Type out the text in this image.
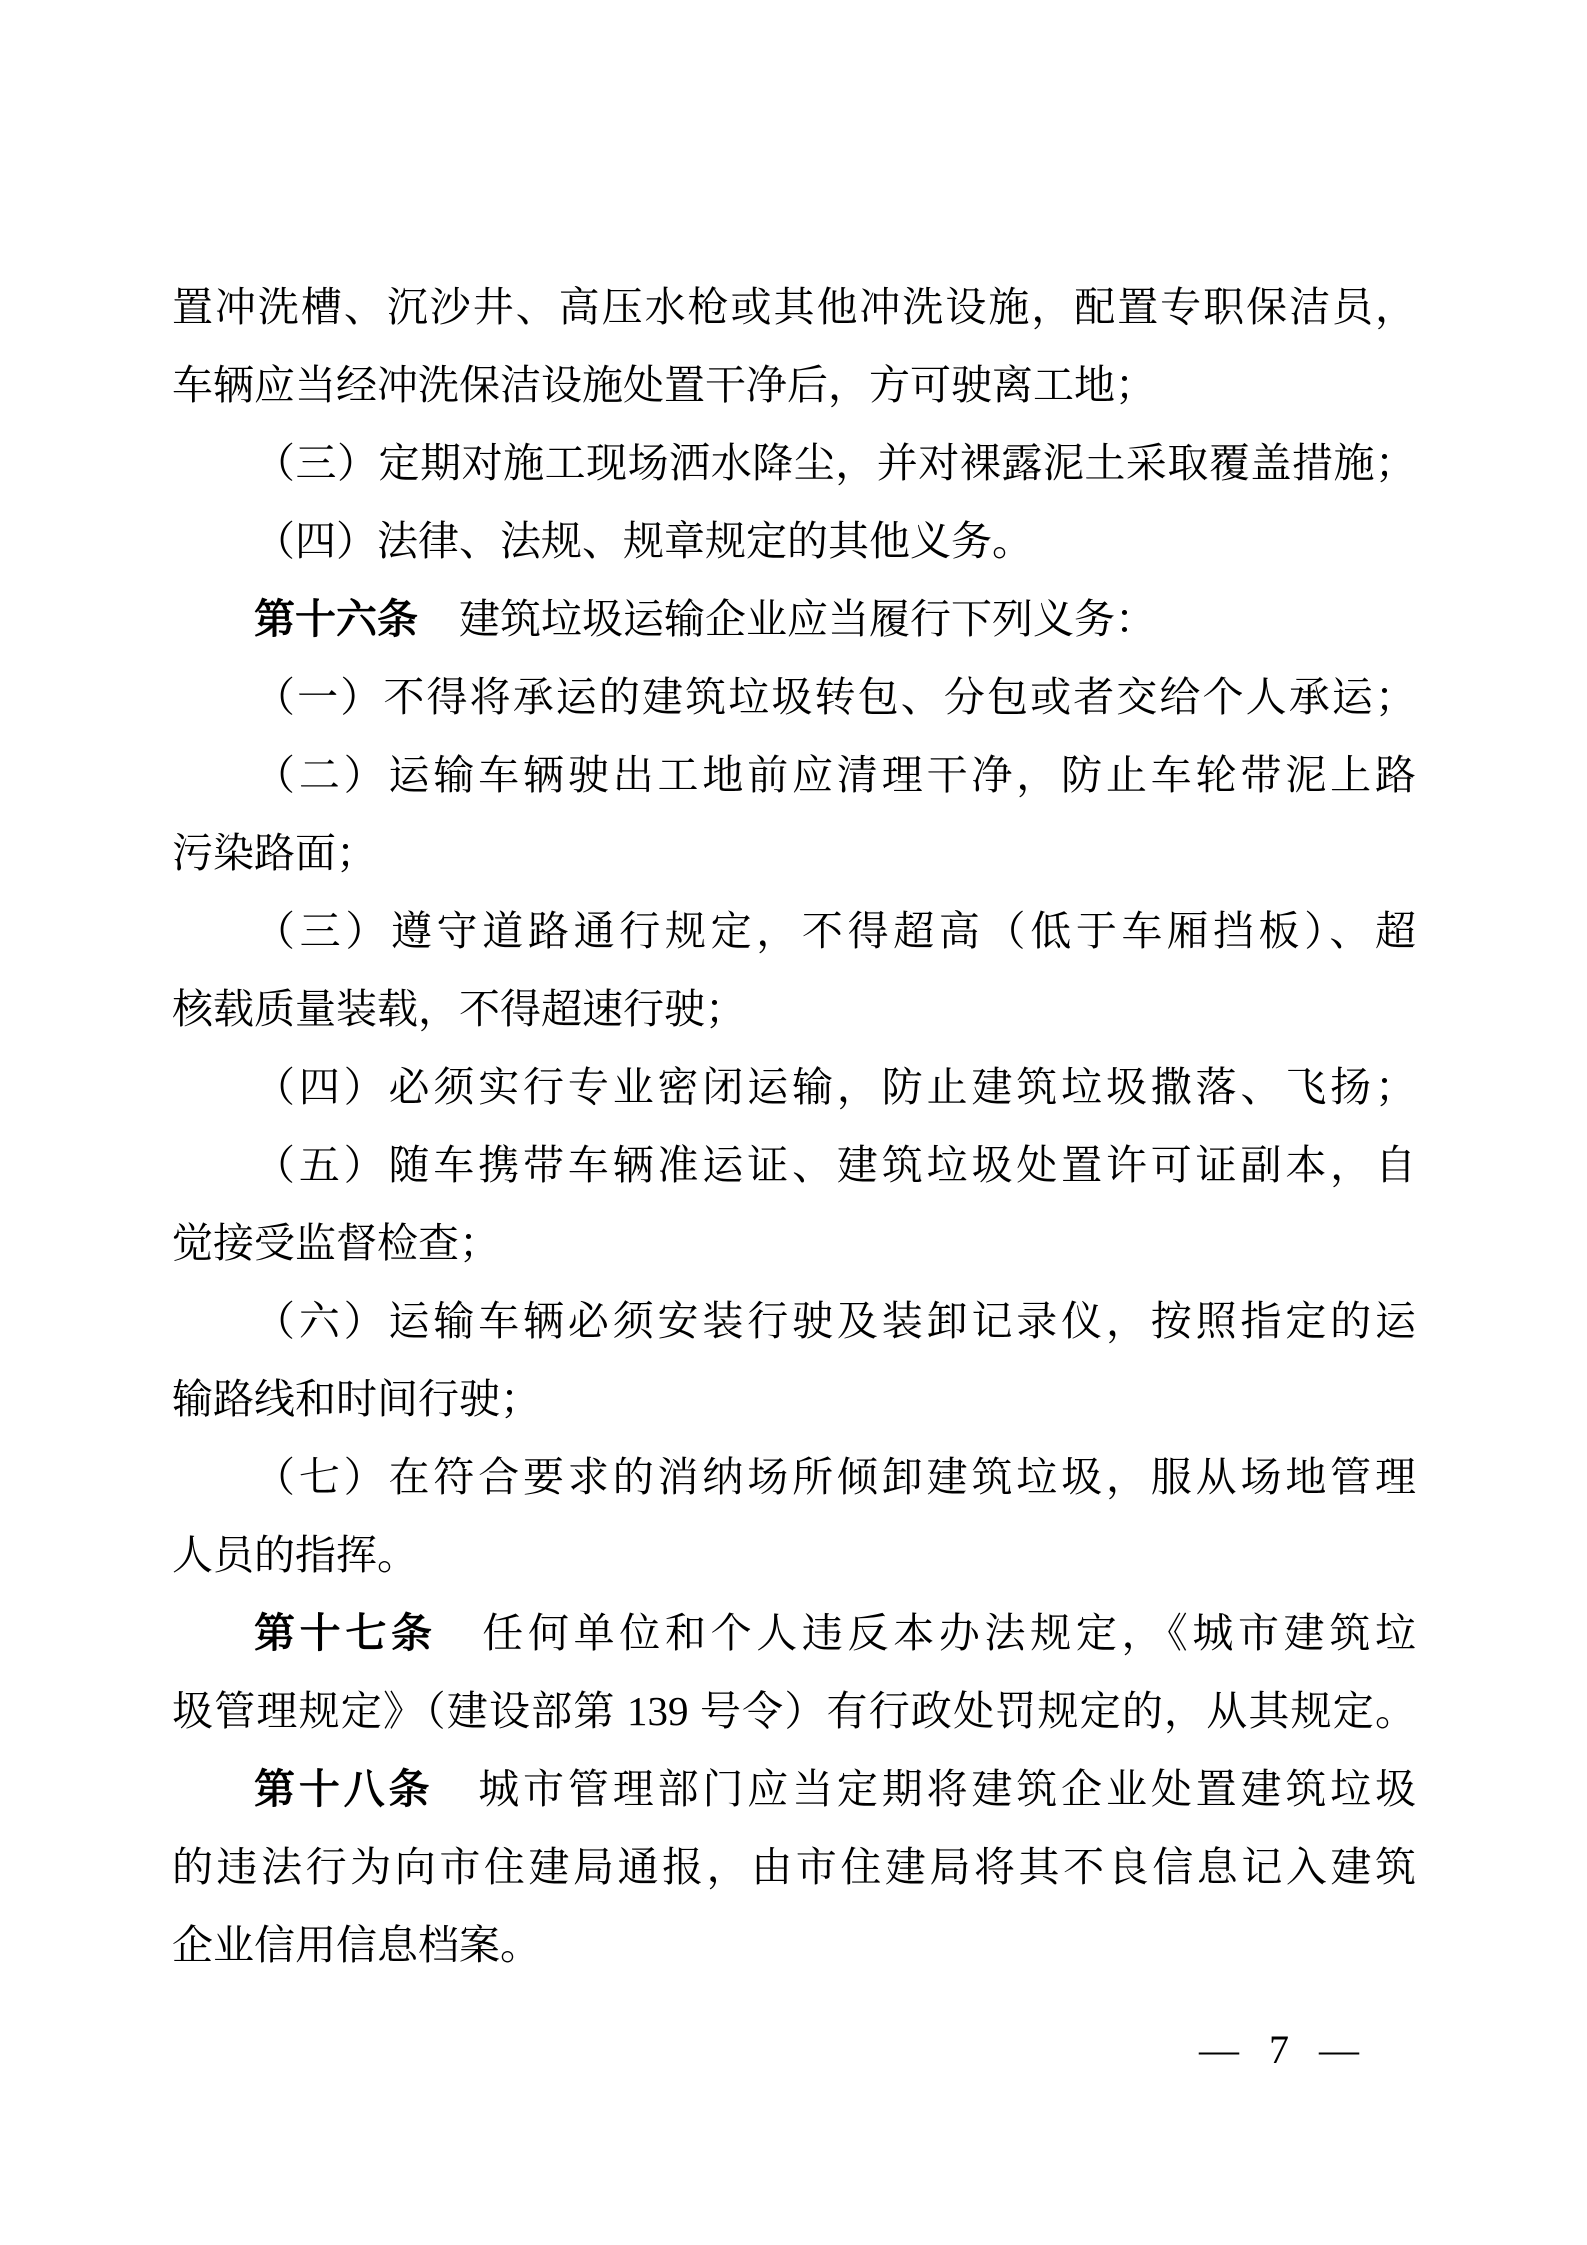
置冲洗槽、沉沙井、高压水枪或其他冲洗设施，配置专职保洁员，
车辆应当经冲洗保洁设施处置干净后，方可驶离工地；
（三）定期对施工现场洒水降尘，并对裸露泥土采取覆盖措施；
（四）法律、法规、规章规定的其他义务。
第十六条　建筑垃圾运输企业应当履行下列义务：
（一）不得将承运的建筑垃圾转包、分包或者交给个人承运；
（二）运输车辆驶出工地前应清理干净，防止车轮带泥上路
污染路面；
（三）遵守道路通行规定，不得超高（低于车厢挡板）、超
核载质量装载，不得超速行驶；
（四）必须实行专业密闭运输，防止建筑垃圾撒落、飞扬；
（五）随车携带车辆准运证、建筑垃圾处置许可证副本，自
觉接受监督检查；
（六）运输车辆必须安装行驶及装卸记录仪，按照指定的运
输路线和时间行驶；
（七）在符合要求的消纳场所倾卸建筑垃圾，服从场地管理
人员的指挥。
第十七条　任何单位和个人违反本办法规定，《城市建筑垃
圾管理规定》（建设部第 139 号令）有行政处罚规定的，从其规定。
第十八条　城市管理部门应当定期将建筑企业处置建筑垃圾
的违法行为向市住建局通报，由市住建局将其不良信息记入建筑
企业信用信息档案。
— 7 —
